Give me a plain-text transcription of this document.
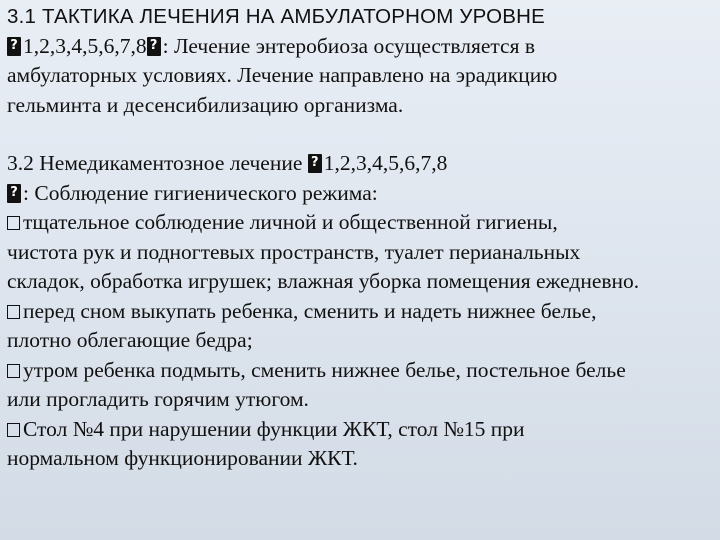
3.1 ТАКТИКА ЛЕЧЕНИЯ НА АМБУЛАТОРНОМ УРОВНЕ
?1,2,3,4,5,6,7,8? : Лечение энтеробиоза осуществляется в
амбулаторных условиях. Лечение направлено на эрадикцию
гельминта и десенсибилизацию организма.
3.2 Немедикаментозное лечение ?1,2,3,4,5,6,7,8
?: Соблюдение гигиенического режима:
тщательное соблюдение личной и общественной гигиены,
чистота рук и подногтевых пространств, туалет перианальных
складок, обработка игрушек; влажная уборка помещения ежедневно.
перед сном выкупать ребенка, сменить и надеть нижнее белье,
плотно облегающие бедра;
утром ребенка подмыть, сменить нижнее белье, постельное белье
или прогладить горячим утюгом.
Стол №4 при нарушении функции ЖКТ, стол №15 при
нормальном функционировании ЖКТ.
